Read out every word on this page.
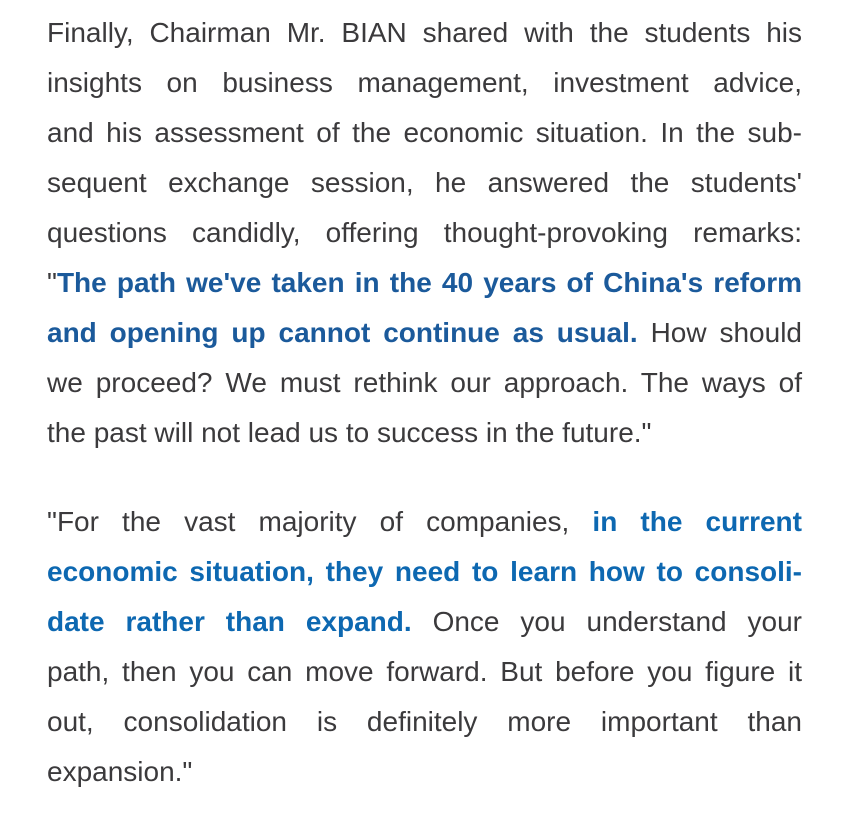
Finally, Chairman Mr. BIAN shared with the students his
insights on business management, investment advice,
and his assessment of the economic situation. In the sub-
sequent exchange session, he answered the students'
questions candidly, offering thought-provoking remarks:
"The path we've taken in the 40 years of China's reform
and opening up cannot continue as usual. How should
we proceed? We must rethink our approach. The ways of
the past will not lead us to success in the future."
"For the vast majority of companies, in the current
economic situation, they need to learn how to consoli-
date rather than expand. Once you understand your
path, then you can move forward. But before you figure it
out, consolidation is definitely more important than
expansion."
